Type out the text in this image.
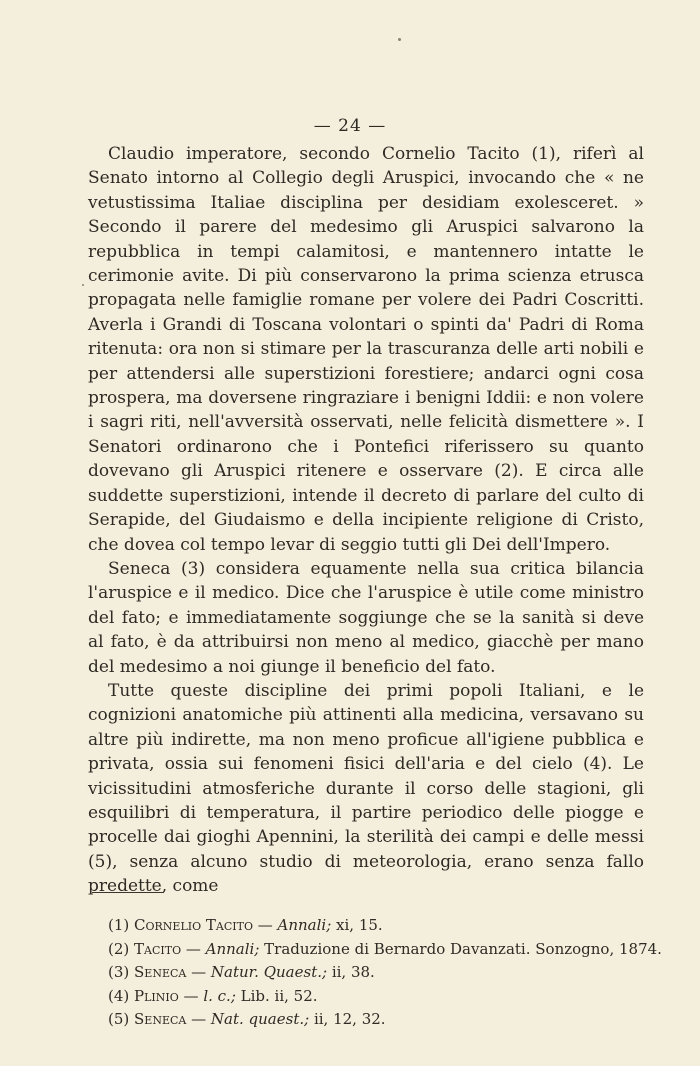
— 24 —

Claudio imperatore, secondo Cornelio Tacito (1), riferì al Senato intorno al Collegio degli Aruspici, invocando che « ne vetustissima Italiae disciplina per desidiam exolesceret. » Secondo il parere del medesimo gli Aruspici salvarono la repubblica in tempi calamitosi, e mantennero intatte le cerimonie avite. Di più conservarono la prima scienza etrusca propagata nelle famiglie romane per volere dei Padri Coscritti. Averla i Grandi di Toscana volontari o spinti da' Padri di Roma ritenuta: ora non si stimare per la trascuranza delle arti nobili e per attendersi alle superstizioni forestiere; andarci ogni cosa prospera, ma doversene ringraziare i benigni Iddii: e non volere i sagri riti, nell'avversità osservati, nelle felicità dismettere ». I Senatori ordinarono che i Pontefici riferissero su quanto dovevano gli Aruspici ritenere e osservare (2). E circa alle suddette superstizioni, intende il decreto di parlare del culto di Serapide, del Giudaismo e della incipiente religione di Cristo, che dovea col tempo levar di seggio tutti gli Dei dell'Impero.

Seneca (3) considera equamente nella sua critica bilancia l'aruspice e il medico. Dice che l'aruspice è utile come ministro del fato; e immediatamente soggiunge che se la sanità si deve al fato, è da attribuirsi non meno al medico, giacchè per mano del medesimo a noi giunge il beneficio del fato.

Tutte queste discipline dei primi popoli Italiani, e le cognizioni anatomiche più attinenti alla medicina, versavano su altre più indirette, ma non meno proficue all'igiene pubblica e privata, ossia sui fenomeni fisici dell'aria e del cielo (4). Le vicissitudini atmosferiche durante il corso delle stagioni, gli esquilibri di temperatura, il partire periodico delle piogge e procelle dai gioghi Apennini, la sterilità dei campi e delle messi (5), senza alcuno studio di meteorologia, erano senza fallo predette, come

(1) Cornelio Tacito — Annali; xi, 15.
(2) Tacito — Annali; Traduzione di Bernardo Davanzati. Sonzogno, 1874.
(3) Seneca — Natur. Quaest.; ii, 38.
(4) Plinio — l. c.; Lib. ii, 52.
(5) Seneca — Nat. quaest.; ii, 12, 32.
